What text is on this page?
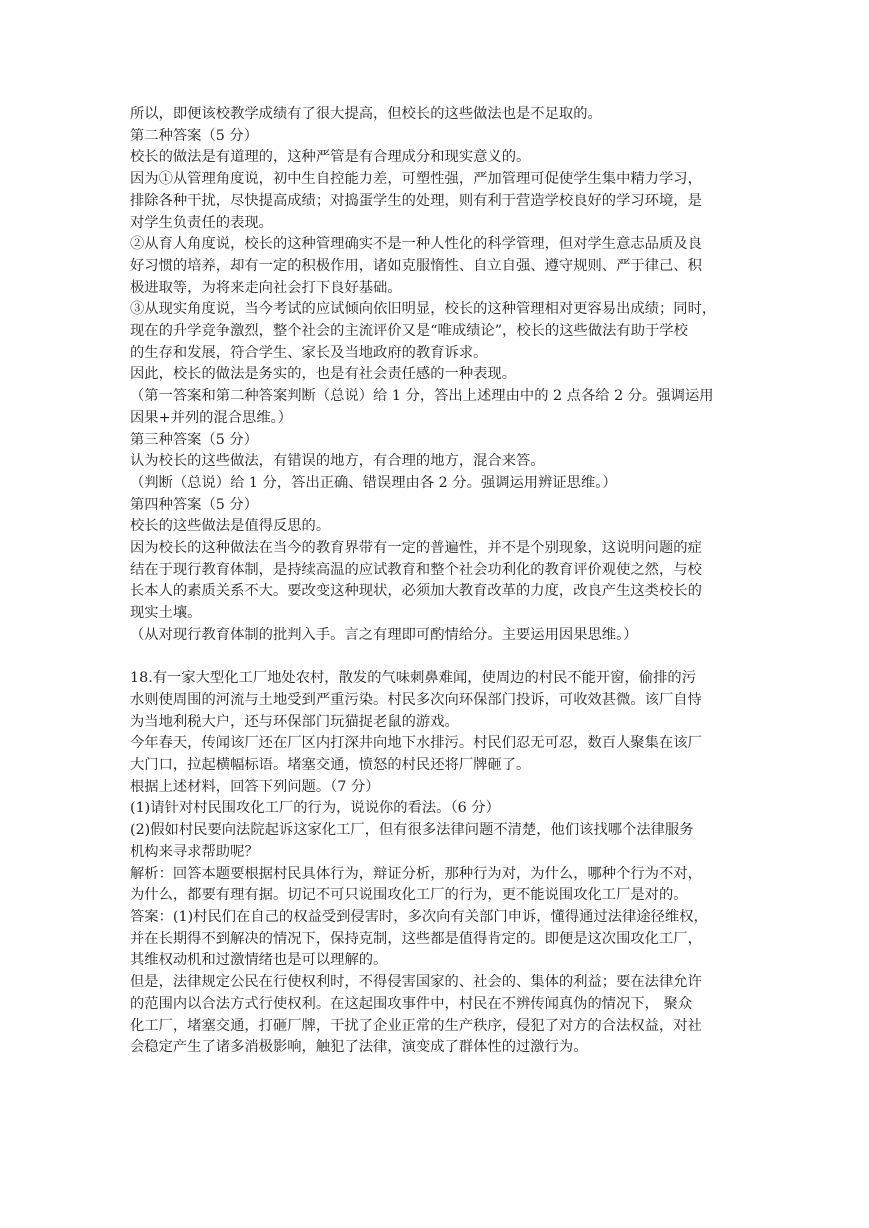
所以，即便该校教学成绩有了很大提高，但校长的这些做法也是不足取的。

第二种答案（5 分）

校长的做法是有道理的，这种严管是有合理成分和现实意义的。

因为①从管理角度说，初中生自控能力差，可塑性强，严加管理可促使学生集中精力学习，

排除各种干扰，尽快提高成绩；对捣蛋学生的处理，则有利于营造学校良好的学习环境，是

对学生负责任的表现。

②从育人角度说，校长的这种管理确实不是一种人性化的科学管理，但对学生意志品质及良

好习惯的培养，却有一定的积极作用，诸如克服惰性、自立自强、遵守规则、严于律己、积

极进取等，为将来走向社会打下良好基础。

③从现实角度说，当今考试的应试倾向依旧明显，校长的这种管理相对更容易出成绩；同时，

现在的升学竞争激烈，整个社会的主流评价又是“唯成绩论”，校长的这些做法有助于学校

的生存和发展，符合学生、家长及当地政府的教育诉求。

因此，校长的做法是务实的，也是有社会责任感的一种表现。

（第一答案和第二种答案判断（总说）给 1 分，答出上述理由中的 2 点各给 2 分。强调运用

因果+并列的混合思维。）

第三种答案（5 分）

认为校长的这些做法，有错误的地方，有合理的地方，混合来答。

（判断（总说）给 1 分，答出正确、错误理由各 2 分。强调运用辨证思维。）

第四种答案（5 分）

校长的这些做法是值得反思的。

因为校长的这种做法在当今的教育界带有一定的普遍性，并不是个别现象，这说明问题的症

结在于现行教育体制，是持续高温的应试教育和整个社会功利化的教育评价观使之然，与校

长本人的素质关系不大。要改变这种现状，必须加大教育改革的力度，改良产生这类校长的

现实土壤。

（从对现行教育体制的批判入手。言之有理即可酌情给分。主要运用因果思维。）

18.有一家大型化工厂地处农村，散发的气味刺鼻难闻，使周边的村民不能开窗，偷排的污

水则使周围的河流与土地受到严重污染。村民多次向环保部门投诉，可收效甚微。该厂自恃

为当地利税大户，还与环保部门玩猫捉老鼠的游戏。

今年春天，传闻该厂还在厂区内打深井向地下水排污。村民们忍无可忍，数百人聚集在该厂

大门口，拉起横幅标语。堵塞交通，愤怒的村民还将厂牌砸了。

根据上述材料，回答下列问题。（7 分）

(1)请针对村民围攻化工厂的行为，说说你的看法。（6 分）

(2)假如村民要向法院起诉这家化工厂，但有很多法律问题不清楚，他们该找哪个法律服务

机构来寻求帮助呢？

解析：回答本题要根据村民具体行为，辩证分析，那种行为对，为什么，哪种个行为不对，

为什么，都要有理有据。切记不可只说围攻化工厂的行为，更不能说围攻化工厂是对的。

答案：(1)村民们在自己的权益受到侵害时，多次向有关部门申诉，懂得通过法律途径维权，

并在长期得不到解决的情况下，保持克制，这些都是值得肯定的。即便是这次围攻化工厂，

其维权动机和过激情绪也是可以理解的。

但是，法律规定公民在行使权利时，不得侵害国家的、社会的、集体的利益；要在法律允许

的范围内以合法方式行使权利。在这起围攻事件中，村民在不辨传闻真伪的情况下， 聚众

化工厂，堵塞交通，打砸厂牌，干扰了企业正常的生产秩序，侵犯了对方的合法权益，对社

会稳定产生了诸多消极影响，触犯了法律，演变成了群体性的过激行为。
